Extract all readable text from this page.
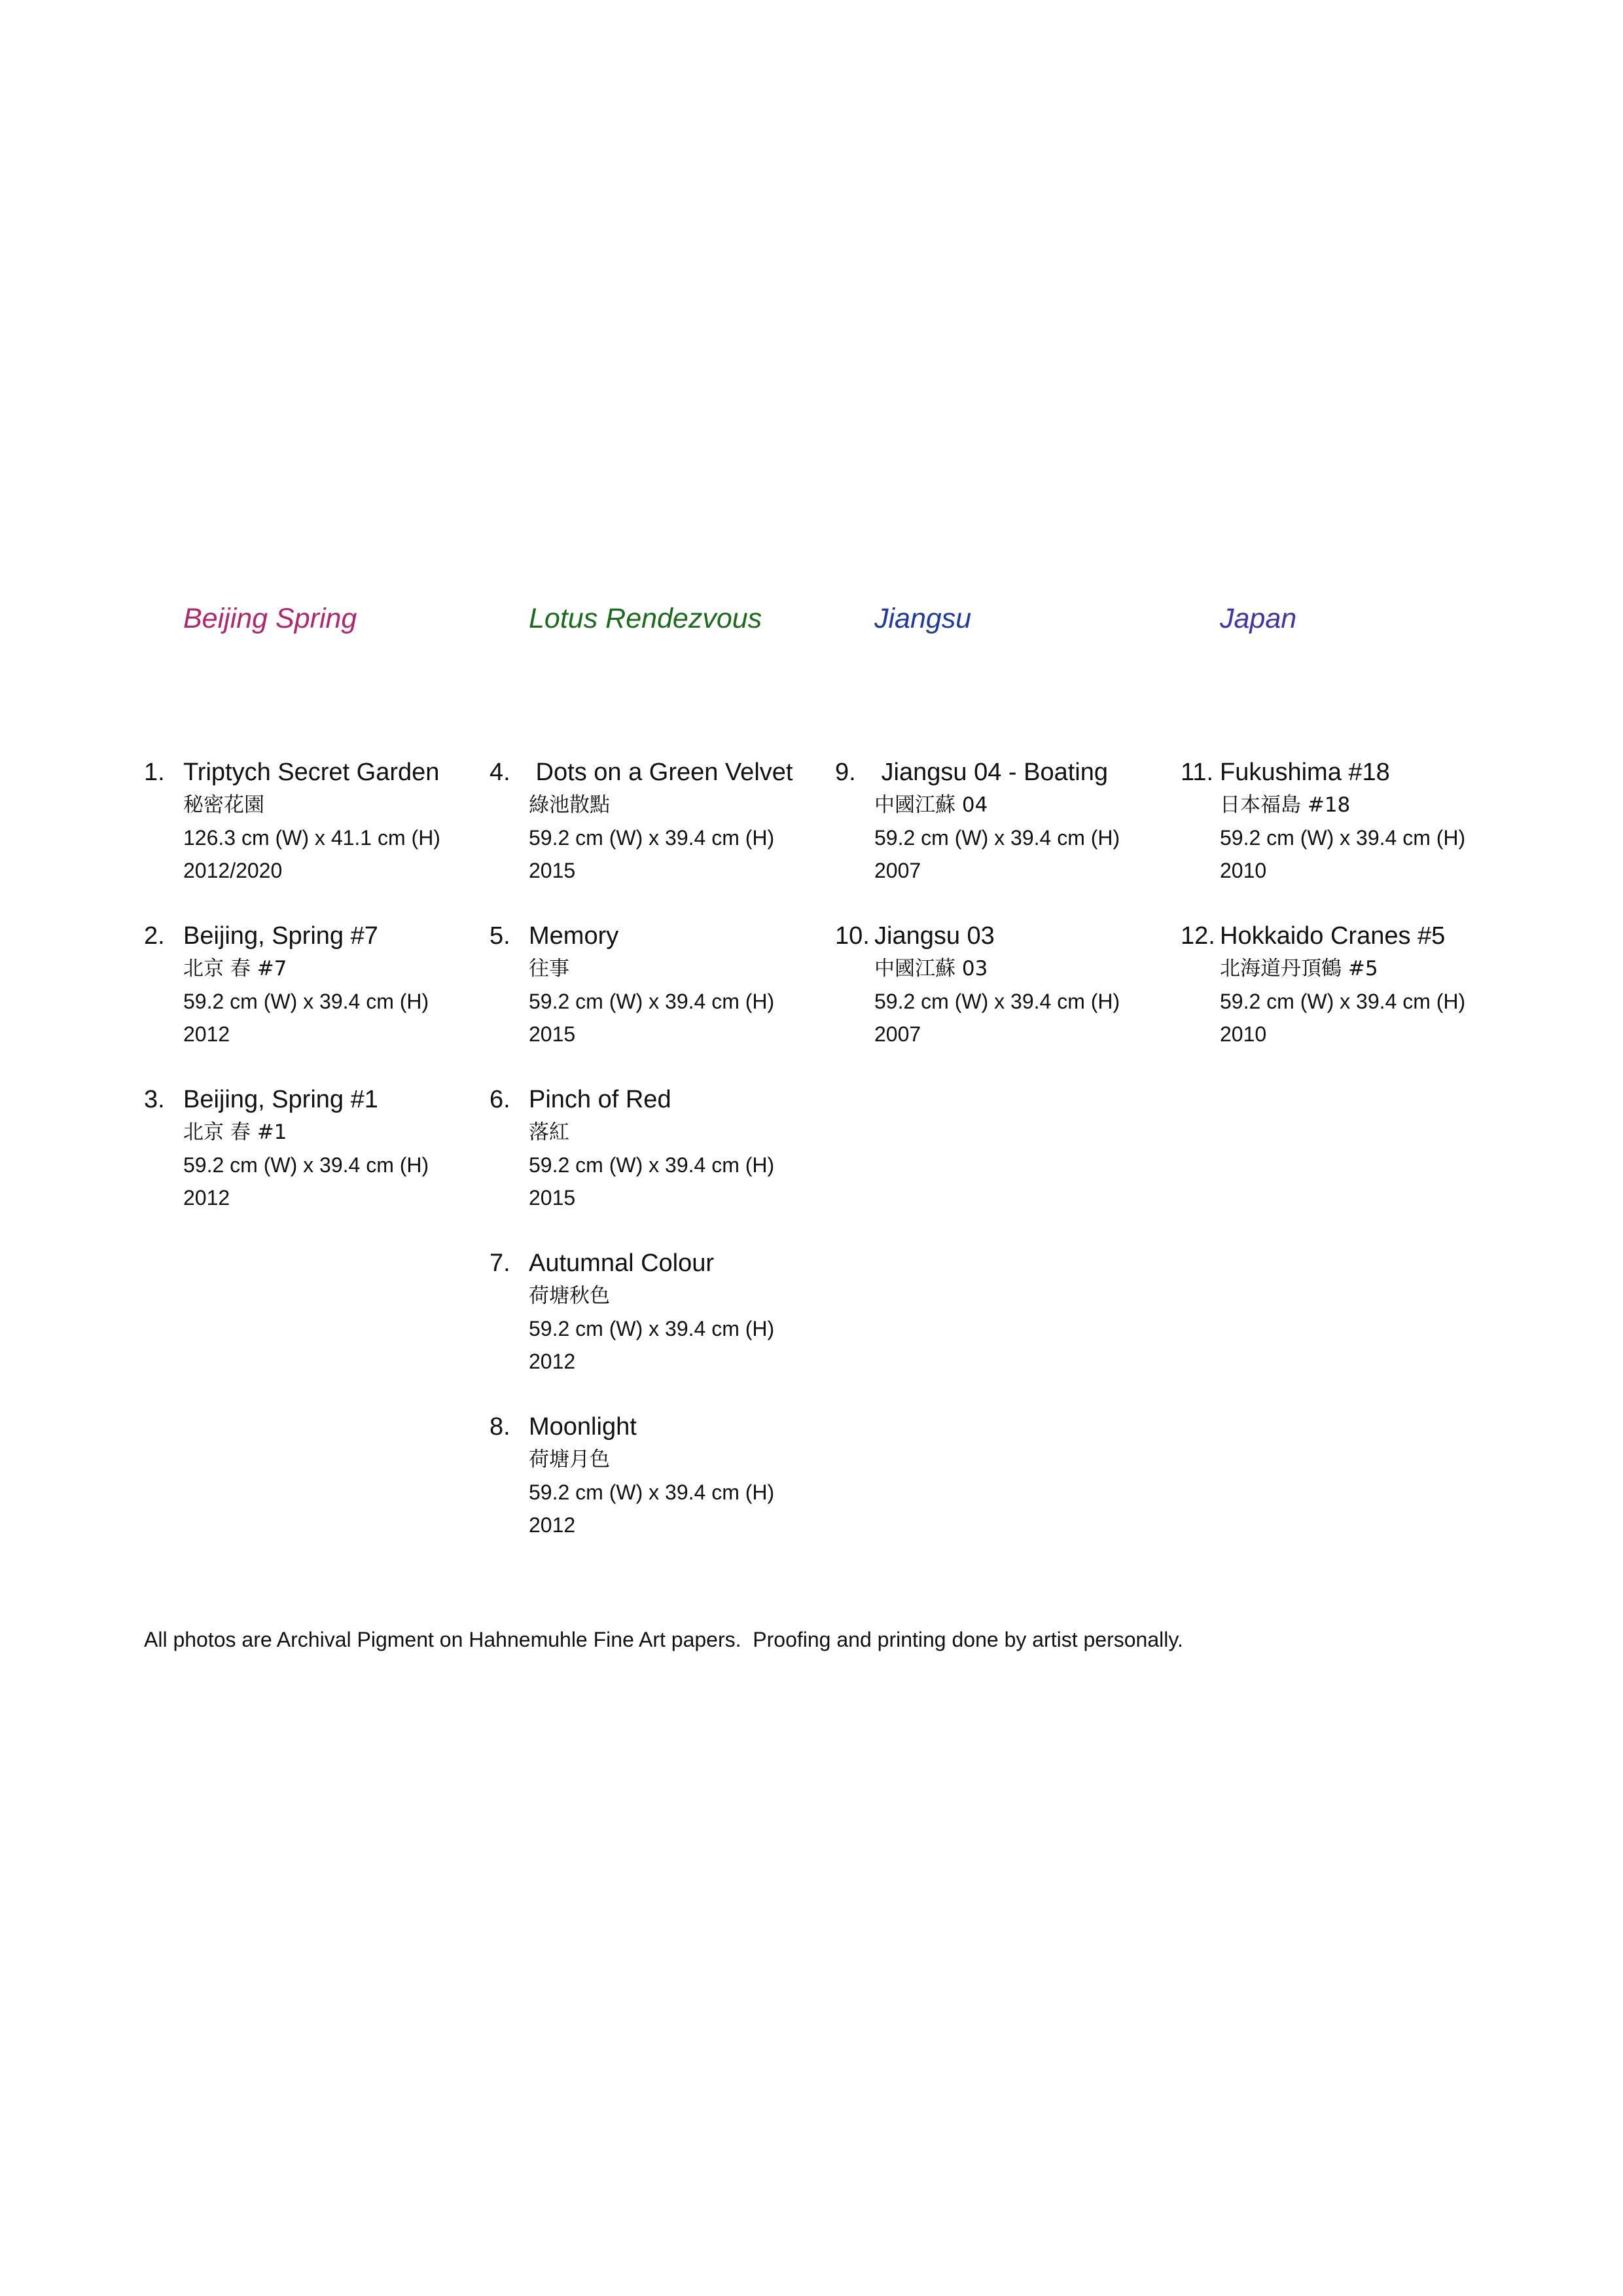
Beijing Spring
1. Triptych Secret Garden
秘密花園
126.3 cm (W) x 41.1 cm (H)
2012/2020
2. Beijing, Spring #7
北京 春 #7
59.2 cm (W) x 39.4 cm (H)
2012
3. Beijing, Spring #1
北京 春 #1
59.2 cm (W) x 39.4 cm (H)
2012
Lotus Rendezvous
4. Dots on a Green Velvet
綠池散點
59.2 cm (W) x 39.4 cm (H)
2015
5. Memory
往事
59.2 cm (W) x 39.4 cm (H)
2015
6. Pinch of Red
落紅
59.2 cm (W) x 39.4 cm (H)
2015
7. Autumnal Colour
荷塘秋色
59.2 cm (W) x 39.4 cm (H)
2012
8. Moonlight
荷塘月色
59.2 cm (W) x 39.4 cm (H)
2012
Jiangsu
9. Jiangsu 04 - Boating
中國江蘇 04
59.2 cm (W) x 39.4 cm (H)
2007
10. Jiangsu 03
中國江蘇 03
59.2 cm (W) x 39.4 cm (H)
2007
Japan
11. Fukushima #18
日本福島 #18
59.2 cm (W) x 39.4 cm (H)
2010
12. Hokkaido Cranes #5
北海道丹頂鶴 #5
59.2 cm (W) x 39.4 cm (H)
2010

All photos are Archival Pigment on Hahnemuhle Fine Art papers.  Proofing and printing done by artist personally.
